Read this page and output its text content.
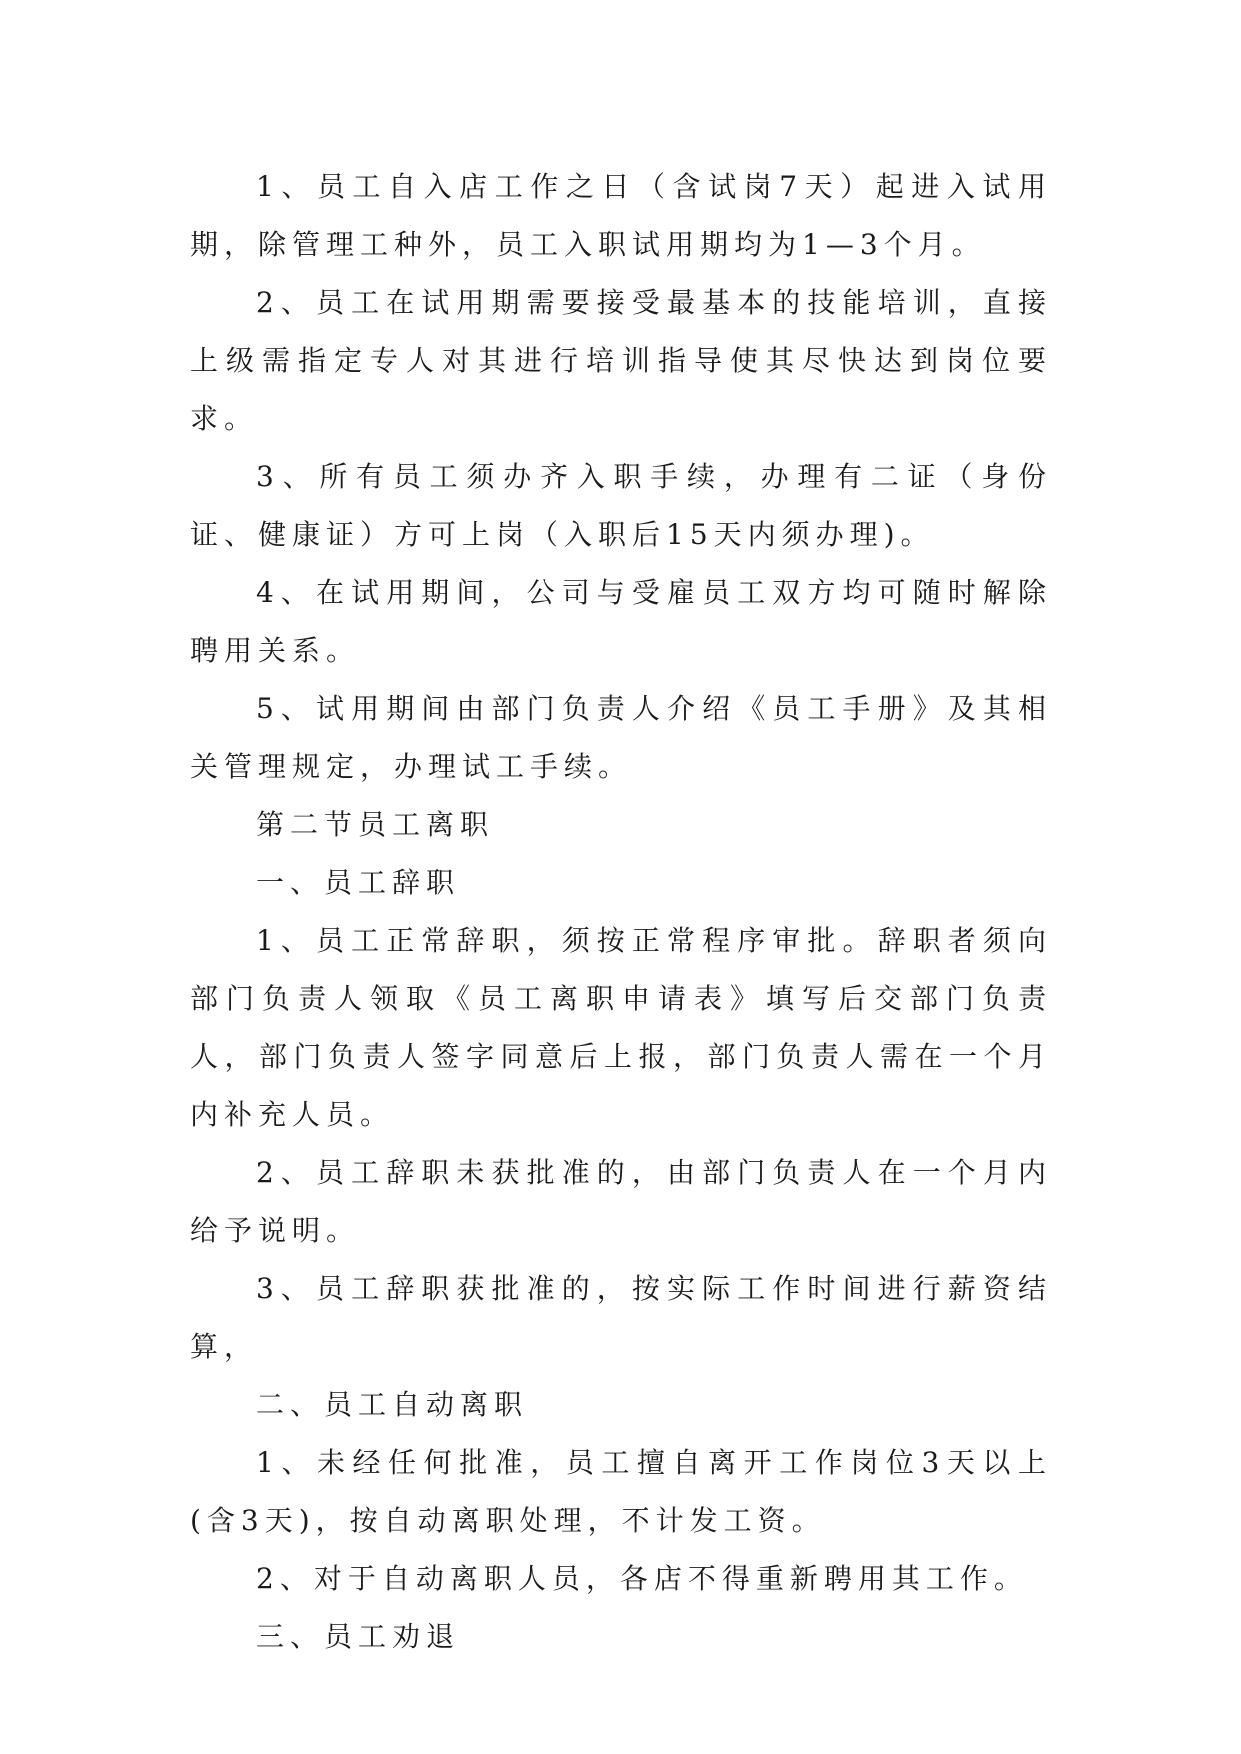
1、员工自入店工作之日（含试岗7天）起进入试用期，除管理工种外，员工入职试用期均为1—3个月。

2、员工在试用期需要接受最基本的技能培训，直接上级需指定专人对其进行培训指导使其尽快达到岗位要求。

3、所有员工须办齐入职手续，办理有二证（身份证、健康证）方可上岗（入职后15天内须办理)。

4、在试用期间，公司与受雇员工双方均可随时解除聘用关系。

5、试用期间由部门负责人介绍《员工手册》及其相关管理规定，办理试工手续。

第二节员工离职

一、员工辞职

1、员工正常辞职，须按正常程序审批。辞职者须向部门负责人领取《员工离职申请表》填写后交部门负责人，部门负责人签字同意后上报，部门负责人需在一个月内补充人员。

2、员工辞职未获批准的，由部门负责人在一个月内给予说明。

3、员工辞职获批准的，按实际工作时间进行薪资结算，

二、员工自动离职

1、未经任何批准，员工擅自离开工作岗位3天以上(含3天)，按自动离职处理，不计发工资。

2、对于自动离职人员，各店不得重新聘用其工作。

三、员工劝退
